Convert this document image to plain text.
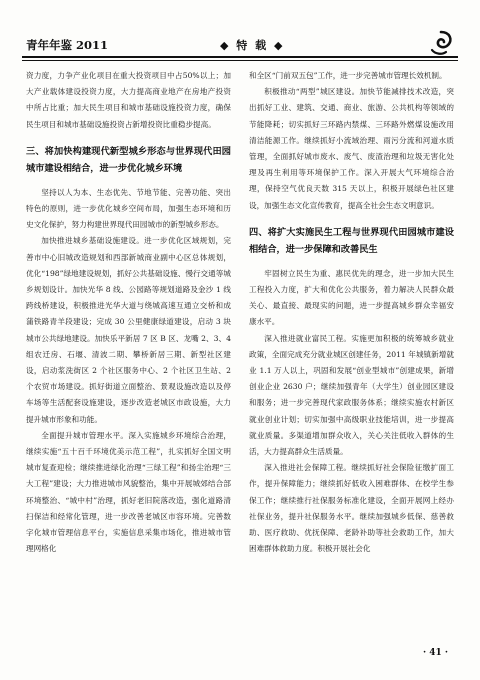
青年年鉴 2011	◆ 特 载 ◆

资力度，力争产业化项目在重大投资项目中占50%以上；加大产业载体建设投资力度，大力提高商业地产在房地产投资中所占比重；加大民生项目和城市基础设施投资力度，确保民生项目和城市基础设施投资占新增投资比重稳步提高。

三、将加快构建现代新型城乡形态与世界现代田园城市建设相结合，进一步优化城乡环境

坚持以人为本、生态优先、节地节能、完善功能、突出特色的原则，进一步优化城乡空间布局，加强生态环境和历史文化保护，努力构建世界现代田园城市的新型城乡形态。

加快推进城乡基础设施建设。进一步优化区域规划，完善市中心旧城改造规划和西部新城商业副中心区总体规划，优化“198”绿地建设规划，抓好公共基础设施、慢行交通等城乡规划设计。加快光华 8 线、公园路等规划道路及金沙 1 线跨线桥建设，积极推进光华大道与绕城高速互通立交桥和成蒲铁路青羊段建设；完成 30 公里健康绿道建设，启动 3 块城市公共绿地建设。加快乐平新居 7 区 B 区、龙嘴 2、3、4 组农迁房、石堰、清波二期、攀桥新居三期、新型社区建设，启动浆洗街区 2 个社区服务中心、2 个社区卫生站、2 个农贸市场建设。抓好街道立面整治、景观设施改造以及停车场等生活配套设施建设，逐步改造老城区市政设施，大力提升城市形象和功能。

全面提升城市管理水平。深入实施城乡环境综合治理，继续实施“五十百千环境优美示范工程”，扎实抓好全国文明城市复查迎检；继续推进绿化治理“三绿工程”和扬尘治理“三大工程”建设；大力推进城市风貌整治，集中开展城郊结合部环境整治、“城中村”治理，抓好老旧院落改造，强化道路清扫保洁和经常化管理，进一步改善老城区市容环境。完善数字化城市管理信息平台，实施信息采集市场化，推进城市管理网格化

和全区“门前双五包”工作，进一步完善城市管理长效机制。

积极推动“两型”城区建设。加快节能减排技术改造，突出抓好工业、建筑、交通、商业、旅游、公共机构等领域的节能降耗；切实抓好三环路内禁煤、三环路外燃煤设施改用清洁能源工作。继续抓好小流域治理、雨污分流和河道水质管理，全面抓好城市废水、废气、废渣治理和垃圾无害化处理及再生利用等环境保护工作。深入开展大气环境综合治理，保持空气优良天数 315 天以上，积极开展绿色社区建设，加强生态文化宣传教育，提高全社会生态文明意识。

四、将扩大实施民生工程与世界现代田园城市建设相结合，进一步保障和改善民生

牢固树立民生为重、惠民优先的理念，进一步加大民生工程投入力度，扩大和优化公共服务，着力解决人民群众最关心、最直接、最现实的问题，进一步提高城乡群众幸福安康水平。

深入推进就业富民工程。实施更加积极的统筹城乡就业政策，全面完成充分就业城区创建任务，2011 年城镇新增就业 1.1 万人以上，巩固和发展“创业型城市”创建成果，新增创业企业 2630 户；继续加强青年（大学生）创业园区建设和服务；进一步完善现代家政服务体系；继续实施农村新区就业创业计划；切实加强中高级职业技能培训，进一步提高就业质量。多渠道增加群众收入，关心关注低收入群体的生活，大力提高群众生活质量。

深入推进社会保障工程。继续抓好社会保险征缴扩面工作，提升保障能力；继续抓好低收入困难群体、在校学生参保工作；继续推行社保服务标准化建设，全面开展网上经办社保业务，提升社保服务水平。继续加强城乡低保、慈善救助、医疗救助、优抚保障、老龄补助等社会救助工作，加大困难群体救助力度。积极开展社会化

· 41 ·
